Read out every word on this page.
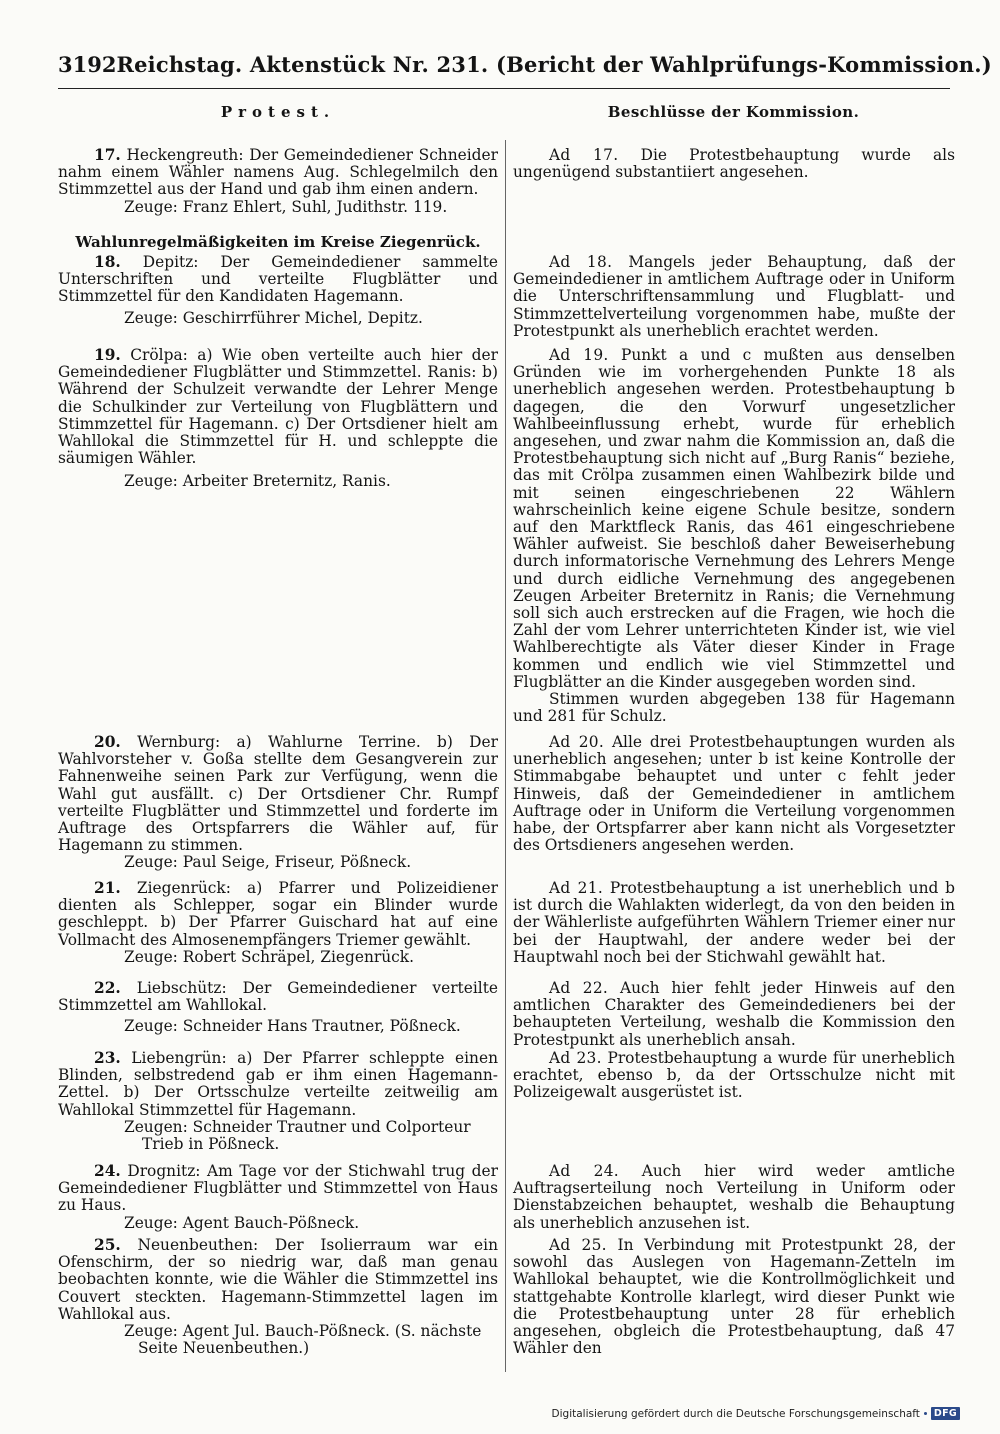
3192 Reichstag. Aktenstück Nr. 231. (Bericht der Wahlprüfungs-Kommission.)
Protest.	Beschlüsse der Kommission.

17. Heckengreuth: Der Gemeindediener Schneider nahm einem Wähler namens Aug. Schlegelmilch den Stimmzettel aus der Hand und gab ihm einen andern.

Zeuge: Franz Ehlert, Suhl, Judithstr. 119.

Wahlunregelmäßigkeiten im Kreise Ziegenrück.

18. Depitz: Der Gemeindediener sammelte Unterschriften und verteilte Flugblätter und Stimmzettel für den Kandidaten Hagemann.

Zeuge: Geschirrführer Michel, Depitz.

19. Crölpa: a) Wie oben verteilte auch hier der Gemeindediener Flugblätter und Stimmzettel. Ranis: b) Während der Schulzeit verwandte der Lehrer Menge die Schulkinder zur Verteilung von Flugblättern und Stimmzettel für Hagemann. c) Der Ortsdiener hielt am Wahllokal die Stimmzettel für H. und schleppte die säumigen Wähler.

Zeuge: Arbeiter Breternitz, Ranis.

20. Wernburg: a) Wahlurne Terrine. b) Der Wahlvorsteher v. Goßa stellte dem Gesangverein zur Fahnenweihe seinen Park zur Verfügung, wenn die Wahl gut ausfällt. c) Der Ortsdiener Chr. Rumpf verteilte Flugblätter und Stimmzettel und forderte im Auftrage des Ortspfarrers die Wähler auf, für Hagemann zu stimmen.

Zeuge: Paul Seige, Friseur, Pößneck.

21. Ziegenrück: a) Pfarrer und Polizeidiener dienten als Schlepper, sogar ein Blinder wurde geschleppt. b) Der Pfarrer Guischard hat auf eine Vollmacht des Almosenempfängers Triemer gewählt.

Zeuge: Robert Schräpel, Ziegenrück.

22. Liebschütz: Der Gemeindediener verteilte Stimmzettel am Wahllokal.

Zeuge: Schneider Hans Trautner, Pößneck.

23. Liebengrün: a) Der Pfarrer schleppte einen Blinden, selbstredend gab er ihm einen Hagemann-Zettel. b) Der Ortsschulze verteilte zeitweilig am Wahllokal Stimmzettel für Hagemann.

Zeugen: Schneider Trautner und Colporteur

Trieb in Pößneck.

24. Drognitz: Am Tage vor der Stichwahl trug der Gemeindediener Flugblätter und Stimmzettel von Haus zu Haus.

Zeuge: Agent Bauch-Pößneck.

25. Neuenbeuthen: Der Isolierraum war ein Ofenschirm, der so niedrig war, daß man genau beobachten konnte, wie die Wähler die Stimmzettel ins Couvert steckten. Hagemann-Stimmzettel lagen im Wahllokal aus.

Zeuge: Agent Jul. Bauch-Pößneck. (S. nächste

Seite Neuenbeuthen.)

Ad 17. Die Protestbehauptung wurde als ungenügend substantiiert angesehen.

Ad 18. Mangels jeder Behauptung, daß der Gemeindediener in amtlichem Auftrage oder in Uniform die Unterschriftensammlung und Flugblatt- und Stimmzettelverteilung vorgenommen habe, mußte der Protestpunkt als unerheblich erachtet werden.

Ad 19. Punkt a und c mußten aus denselben Gründen wie im vorhergehenden Punkte 18 als unerheblich angesehen werden. Protestbehauptung b dagegen, die den Vorwurf ungesetzlicher Wahlbeeinflussung erhebt, wurde für erheblich angesehen, und zwar nahm die Kommission an, daß die Protestbehauptung sich nicht auf „Burg Ranis“ beziehe, das mit Crölpa zusammen einen Wahlbezirk bilde und mit seinen eingeschriebenen 22 Wählern wahrscheinlich keine eigene Schule besitze, sondern auf den Marktfleck Ranis, das 461 eingeschriebene Wähler aufweist. Sie beschloß daher Beweiserhebung durch informatorische Vernehmung des Lehrers Menge und durch eidliche Vernehmung des angegebenen Zeugen Arbeiter Breternitz in Ranis; die Vernehmung soll sich auch erstrecken auf die Fragen, wie hoch die Zahl der vom Lehrer unterrichteten Kinder ist, wie viel Wahlberechtigte als Väter dieser Kinder in Frage kommen und endlich wie viel Stimmzettel und Flugblätter an die Kinder ausgegeben worden sind.

Stimmen wurden abgegeben 138 für Hagemann und 281 für Schulz.

Ad 20. Alle drei Protestbehauptungen wurden als unerheblich angesehen; unter b ist keine Kontrolle der Stimmabgabe behauptet und unter c fehlt jeder Hinweis, daß der Gemeindediener in amtlichem Auftrage oder in Uniform die Verteilung vorgenommen habe, der Ortspfarrer aber kann nicht als Vorgesetzter des Ortsdieners angesehen werden.

Ad 21. Protestbehauptung a ist unerheblich und b ist durch die Wahlakten widerlegt, da von den beiden in der Wählerliste aufgeführten Wählern Triemer einer nur bei der Hauptwahl, der andere weder bei der Hauptwahl noch bei der Stichwahl gewählt hat.

Ad 22. Auch hier fehlt jeder Hinweis auf den amtlichen Charakter des Gemeindedieners bei der behaupteten Verteilung, weshalb die Kommission den Protestpunkt als unerheblich ansah.

Ad 23. Protestbehauptung a wurde für unerheblich erachtet, ebenso b, da der Ortsschulze nicht mit Polizeigewalt ausgerüstet ist.

Ad 24. Auch hier wird weder amtliche Auftragserteilung noch Verteilung in Uniform oder Dienstabzeichen behauptet, weshalb die Behauptung als unerheblich anzusehen ist.

Ad 25. In Verbindung mit Protestpunkt 28, der sowohl das Auslegen von Hagemann-Zetteln im Wahllokal behauptet, wie die Kontrollmöglichkeit und stattgehabte Kontrolle klarlegt, wird dieser Punkt wie die Protestbehauptung unter 28 für erheblich angesehen, obgleich die Protestbehauptung, daß 47 Wähler den

Digitalisierung gefördert durch die Deutsche Forschungsgemeinschaft	DFG
